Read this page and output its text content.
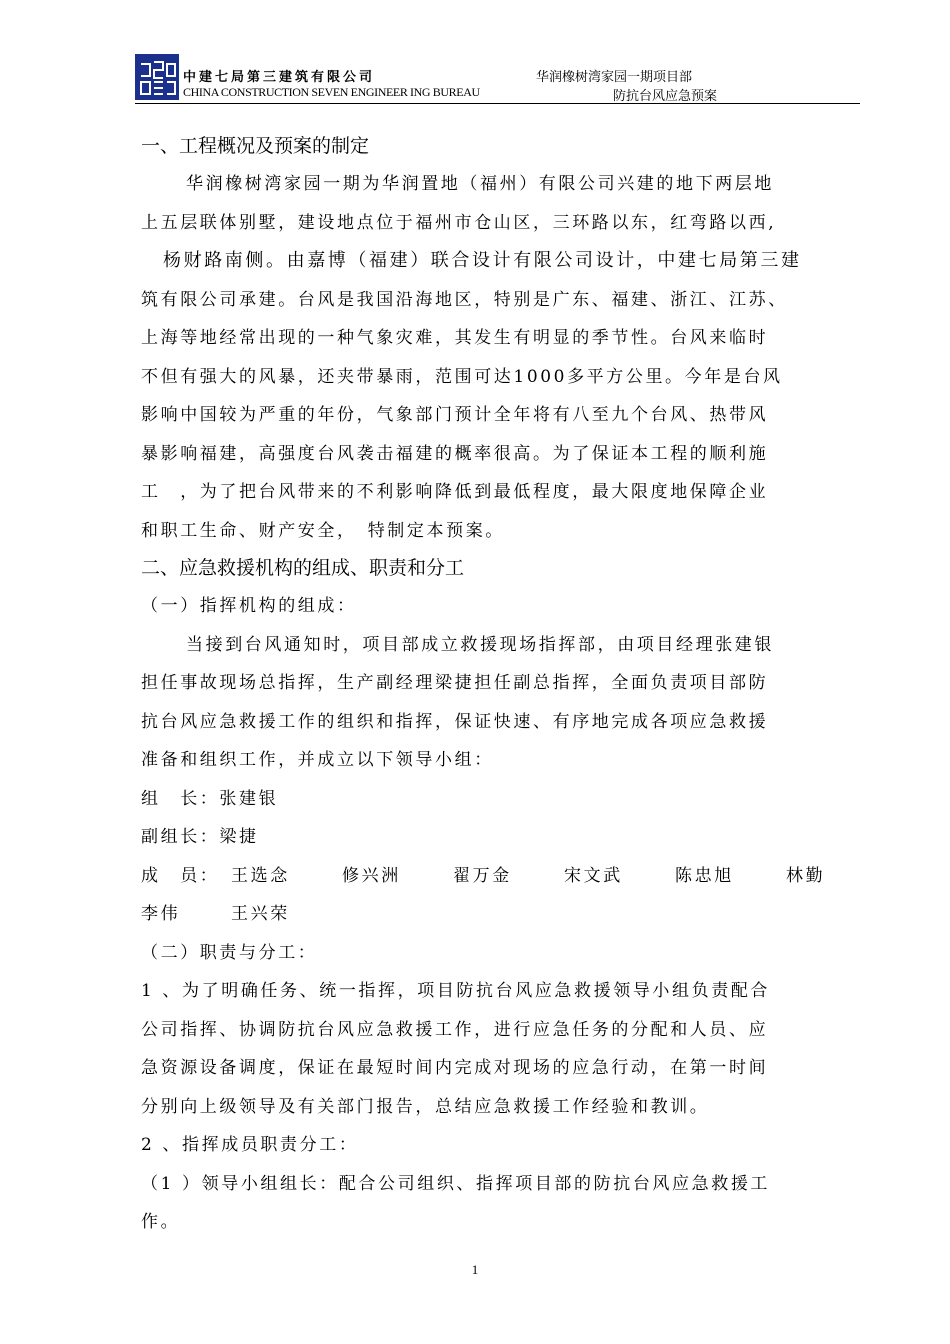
中建七局第三建筑有限公司
CHINA CONSTRUCTION SEVEN ENGINEER ING BUREAU
华润橡树湾家园一期项目部
防抗台风应急预案
一、工程概况及预案的制定
华润橡树湾家园一期为华润置地（福州）有限公司兴建的地下两层地
上五层联体别墅，建设地点位于福州市仓山区，三环路以东，红弯路以西,
杨财路南侧。由嘉博（福建）联合设计有限公司设计，中建七局第三建
筑有限公司承建。台风是我国沿海地区，特别是广东、福建、浙江、江苏、
上海等地经常出现的一种气象灾难，其发生有明显的季节性。台风来临时
不但有强大的风暴，还夹带暴雨，范围可达1000多平方公里。今年是台风
影响中国较为严重的年份，气象部门预计全年将有八至九个台风、热带风
暴影响福建，高强度台风袭击福建的概率很高。为了保证本工程的顺利施
工　，为了把台风带来的不利影响降低到最低程度，最大限度地保障企业
和职工生命、财产安全，　特制定本预案。
二、应急救援机构的组成、职责和分工
（一）指挥机构的组成：
当接到台风通知时，项目部成立救援现场指挥部，由项目经理张建银
担任事故现场总指挥，生产副经理梁捷担任副总指挥，全面负责项目部防
抗台风应急救援工作的组织和指挥，保证快速、有序地完成各项应急救援
准备和组织工作，并成立以下领导小组：
组　长：张建银
副组长：梁捷
成　员： 王选念	修兴洲	翟万金	宋文武	陈忠旭	林勤
李伟	王兴荣
（二）职责与分工：
1 、为了明确任务、统一指挥，项目防抗台风应急救援领导小组负责配合
公司指挥、协调防抗台风应急救援工作，进行应急任务的分配和人员、应
急资源设备调度，保证在最短时间内完成对现场的应急行动，在第一时间
分别向上级领导及有关部门报告，总结应急救援工作经验和教训。
2 、指挥成员职责分工：
（1 ）领导小组组长：配合公司组织、指挥项目部的防抗台风应急救援工
作。
1
